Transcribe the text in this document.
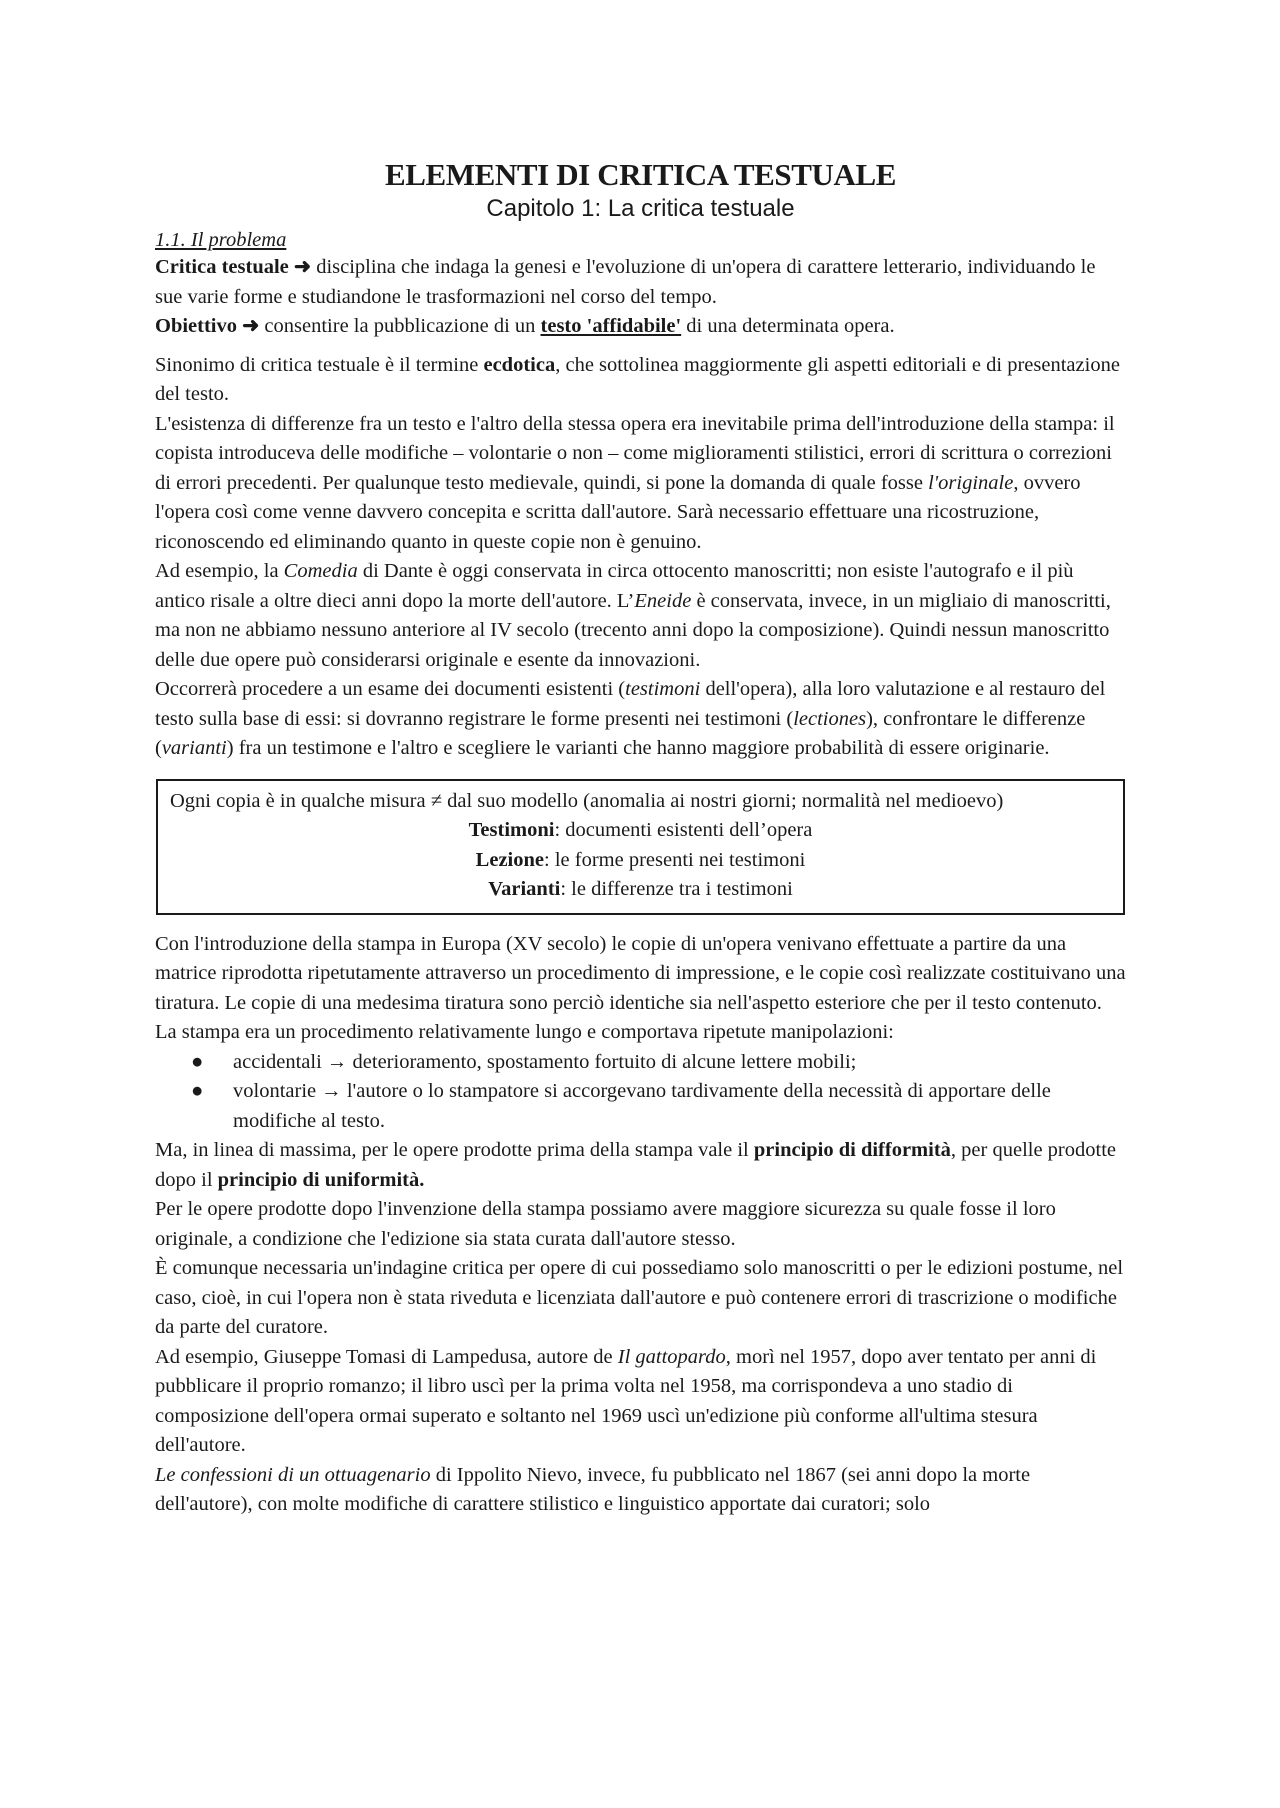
ELEMENTI DI CRITICA TESTUALE
Capitolo 1: La critica testuale
1.1. Il problema

Critica testuale ➜ disciplina che indaga la genesi e l'evoluzione di un'opera di carattere letterario, individuando le sue varie forme e studiandone le trasformazioni nel corso del tempo.

Obiettivo ➜ consentire la pubblicazione di un testo 'affidabile' di una determinata opera.

Sinonimo di critica testuale è il termine ecdotica, che sottolinea maggiormente gli aspetti editoriali e di presentazione del testo.

L'esistenza di differenze fra un testo e l'altro della stessa opera era inevitabile prima dell'introduzione della stampa: il copista introduceva delle modifiche – volontarie o non – come miglioramenti stilistici, errori di scrittura o correzioni di errori precedenti. Per qualunque testo medievale, quindi, si pone la domanda di quale fosse l'originale, ovvero l'opera così come venne davvero concepita e scritta dall'autore. Sarà necessario effettuare una ricostruzione, riconoscendo ed eliminando quanto in queste copie non è genuino.

Ad esempio, la Comedia di Dante è oggi conservata in circa ottocento manoscritti; non esiste l'autografo e il più antico risale a oltre dieci anni dopo la morte dell'autore. L’Eneide è conservata, invece, in un migliaio di manoscritti, ma non ne abbiamo nessuno anteriore al IV secolo (trecento anni dopo la composizione). Quindi nessun manoscritto delle due opere può considerarsi originale e esente da innovazioni.

Occorrerà procedere a un esame dei documenti esistenti (testimoni dell'opera), alla loro valutazione e al restauro del testo sulla base di essi: si dovranno registrare le forme presenti nei testimoni (lectiones), confrontare le differenze (varianti) fra un testimone e l'altro e scegliere le varianti che hanno maggiore probabilità di essere originarie.

Ogni copia è in qualche misura ≠ dal suo modello (anomalia ai nostri giorni; normalità nel medioevo)

Testimoni: documenti esistenti dell’opera

Lezione: le forme presenti nei testimoni

Varianti: le differenze tra i testimoni

Con l'introduzione della stampa in Europa (XV secolo) le copie di un'opera venivano effettuate a partire da una matrice riprodotta ripetutamente attraverso un procedimento di impressione, e le copie così realizzate costituivano una tiratura. Le copie di una medesima tiratura sono perciò identiche sia nell'aspetto esteriore che per il testo contenuto. La stampa era un procedimento relativamente lungo e comportava ripetute manipolazioni:

● accidentali → deterioramento, spostamento fortuito di alcune lettere mobili;
● volontarie → l'autore o lo stampatore si accorgevano tardivamente della necessità di apportare delle modifiche al testo.

Ma, in linea di massima, per le opere prodotte prima della stampa vale il principio di difformità, per quelle prodotte dopo il principio di uniformità.

Per le opere prodotte dopo l'invenzione della stampa possiamo avere maggiore sicurezza su quale fosse il loro originale, a condizione che l'edizione sia stata curata dall'autore stesso.

È comunque necessaria un'indagine critica per opere di cui possediamo solo manoscritti o per le edizioni postume, nel caso, cioè, in cui l'opera non è stata riveduta e licenziata dall'autore e può contenere errori di trascrizione o modifiche da parte del curatore.

Ad esempio, Giuseppe Tomasi di Lampedusa, autore de Il gattopardo, morì nel 1957, dopo aver tentato per anni di pubblicare il proprio romanzo; il libro uscì per la prima volta nel 1958, ma corrispondeva a uno stadio di composizione dell'opera ormai superato e soltanto nel 1969 uscì un'edizione più conforme all'ultima stesura dell'autore.

Le confessioni di un ottuagenario di Ippolito Nievo, invece, fu pubblicato nel 1867 (sei anni dopo la morte dell'autore), con molte modifiche di carattere stilistico e linguistico apportate dai curatori; solo
